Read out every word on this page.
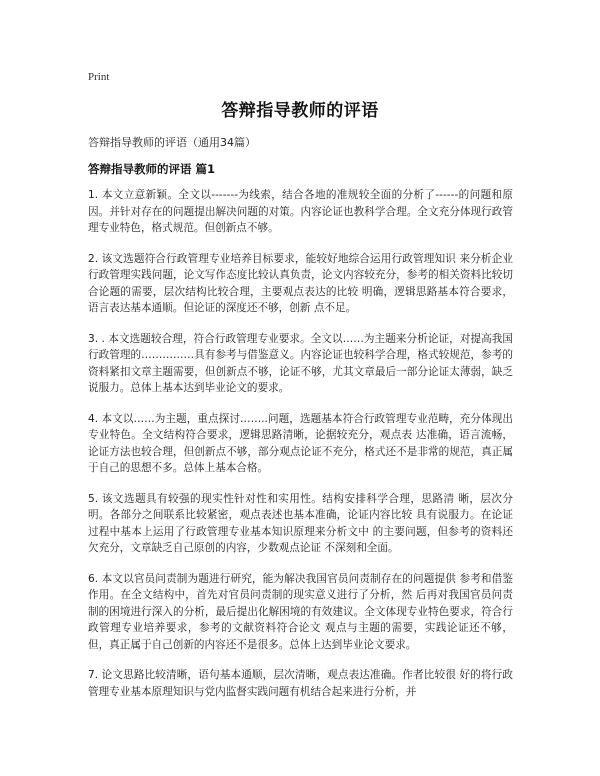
Print
答辩指导教师的评语
答辩指导教师的评语（通用34篇）
答辩指导教师的评语 篇1

1. 本文立意新颖。全文以-------为线索，结合各地的准规较全面的分析了------的问题和原因。并针对存在的问题提出解决问题的对策。内容论证也教科学合理。全文充分体现行政管理专业特色，格式规范。但创新点不够。

2. 该文选题符合行政管理专业培养目标要求，能较好地综合运用行政管理知识 来分析企业行政管理实践问题，论文写作态度比较认真负责，论文内容较充分，参考的相关资料比较切合论题的需要，层次结构比较合理，主要观点表达的比较 明确，逻辑思路基本符合要求，语言表达基本通顺。但论证的深度还不够，创新 点不足。

3. . 本文选题较合理，符合行政管理专业要求。全文以……为主题来分析论证，对提高我国行政管理的……………具有参考与借鉴意义。内容论证也较科学合理，格式较规范，参考的资料紧扣文章主题需要，但创新点不够，论证不够，尤其文章最后一部分论证太薄弱，缺乏说服力。总体上基本达到毕业论文的要求。

4. 本文以……为主题，重点探讨……..问题，选题基本符合行政管理专业范畴，充分体现出专业特色。全文结构符合要求，逻辑思路清晰，论据较充分，观点表 达准确，语言流畅，论证方法也较合理，但创新点不够，部分观点论证不充分，格式还不是非常的规范，真正属于自己的思想不多。总体上基本合格。

5. 该文选题具有较强的现实性针对性和实用性。结构安排科学合理，思路清 晰，层次分明。各部分之间联系比较紧密，观点表述也基本准确，论证内容比较 具有说服力。在论证过程中基本上运用了行政管理专业基本知识原理来分析文中 的主要问题，但参考的资料还欠充分，文章缺乏自己原创的内容，少数观点论证 不深刻和全面。

6. 本文以官员问责制为题进行研究，能为解决我国官员问责制存在的问题提供 参考和借鉴作用。在全文结构中，首先对官员问责制的现实意义进行了分析，然 后再对我国官员问责制的困境进行深入的分析，最后提出化解困境的有效建议。全文体现专业特色要求，符合行政管理专业培养要求，参考的文献资料符合论文 观点与主题的需要，实践论证还不够，但，真正属于自己创新的内容还不是很多。总体上达到毕业论文要求。

7. 论文思路比较清晰，语句基本通顺，层次清晰，观点表达准确。作者比较很 好的将行政管理专业基本原理知识与党内监督实践问题有机结合起来进行分析，并
